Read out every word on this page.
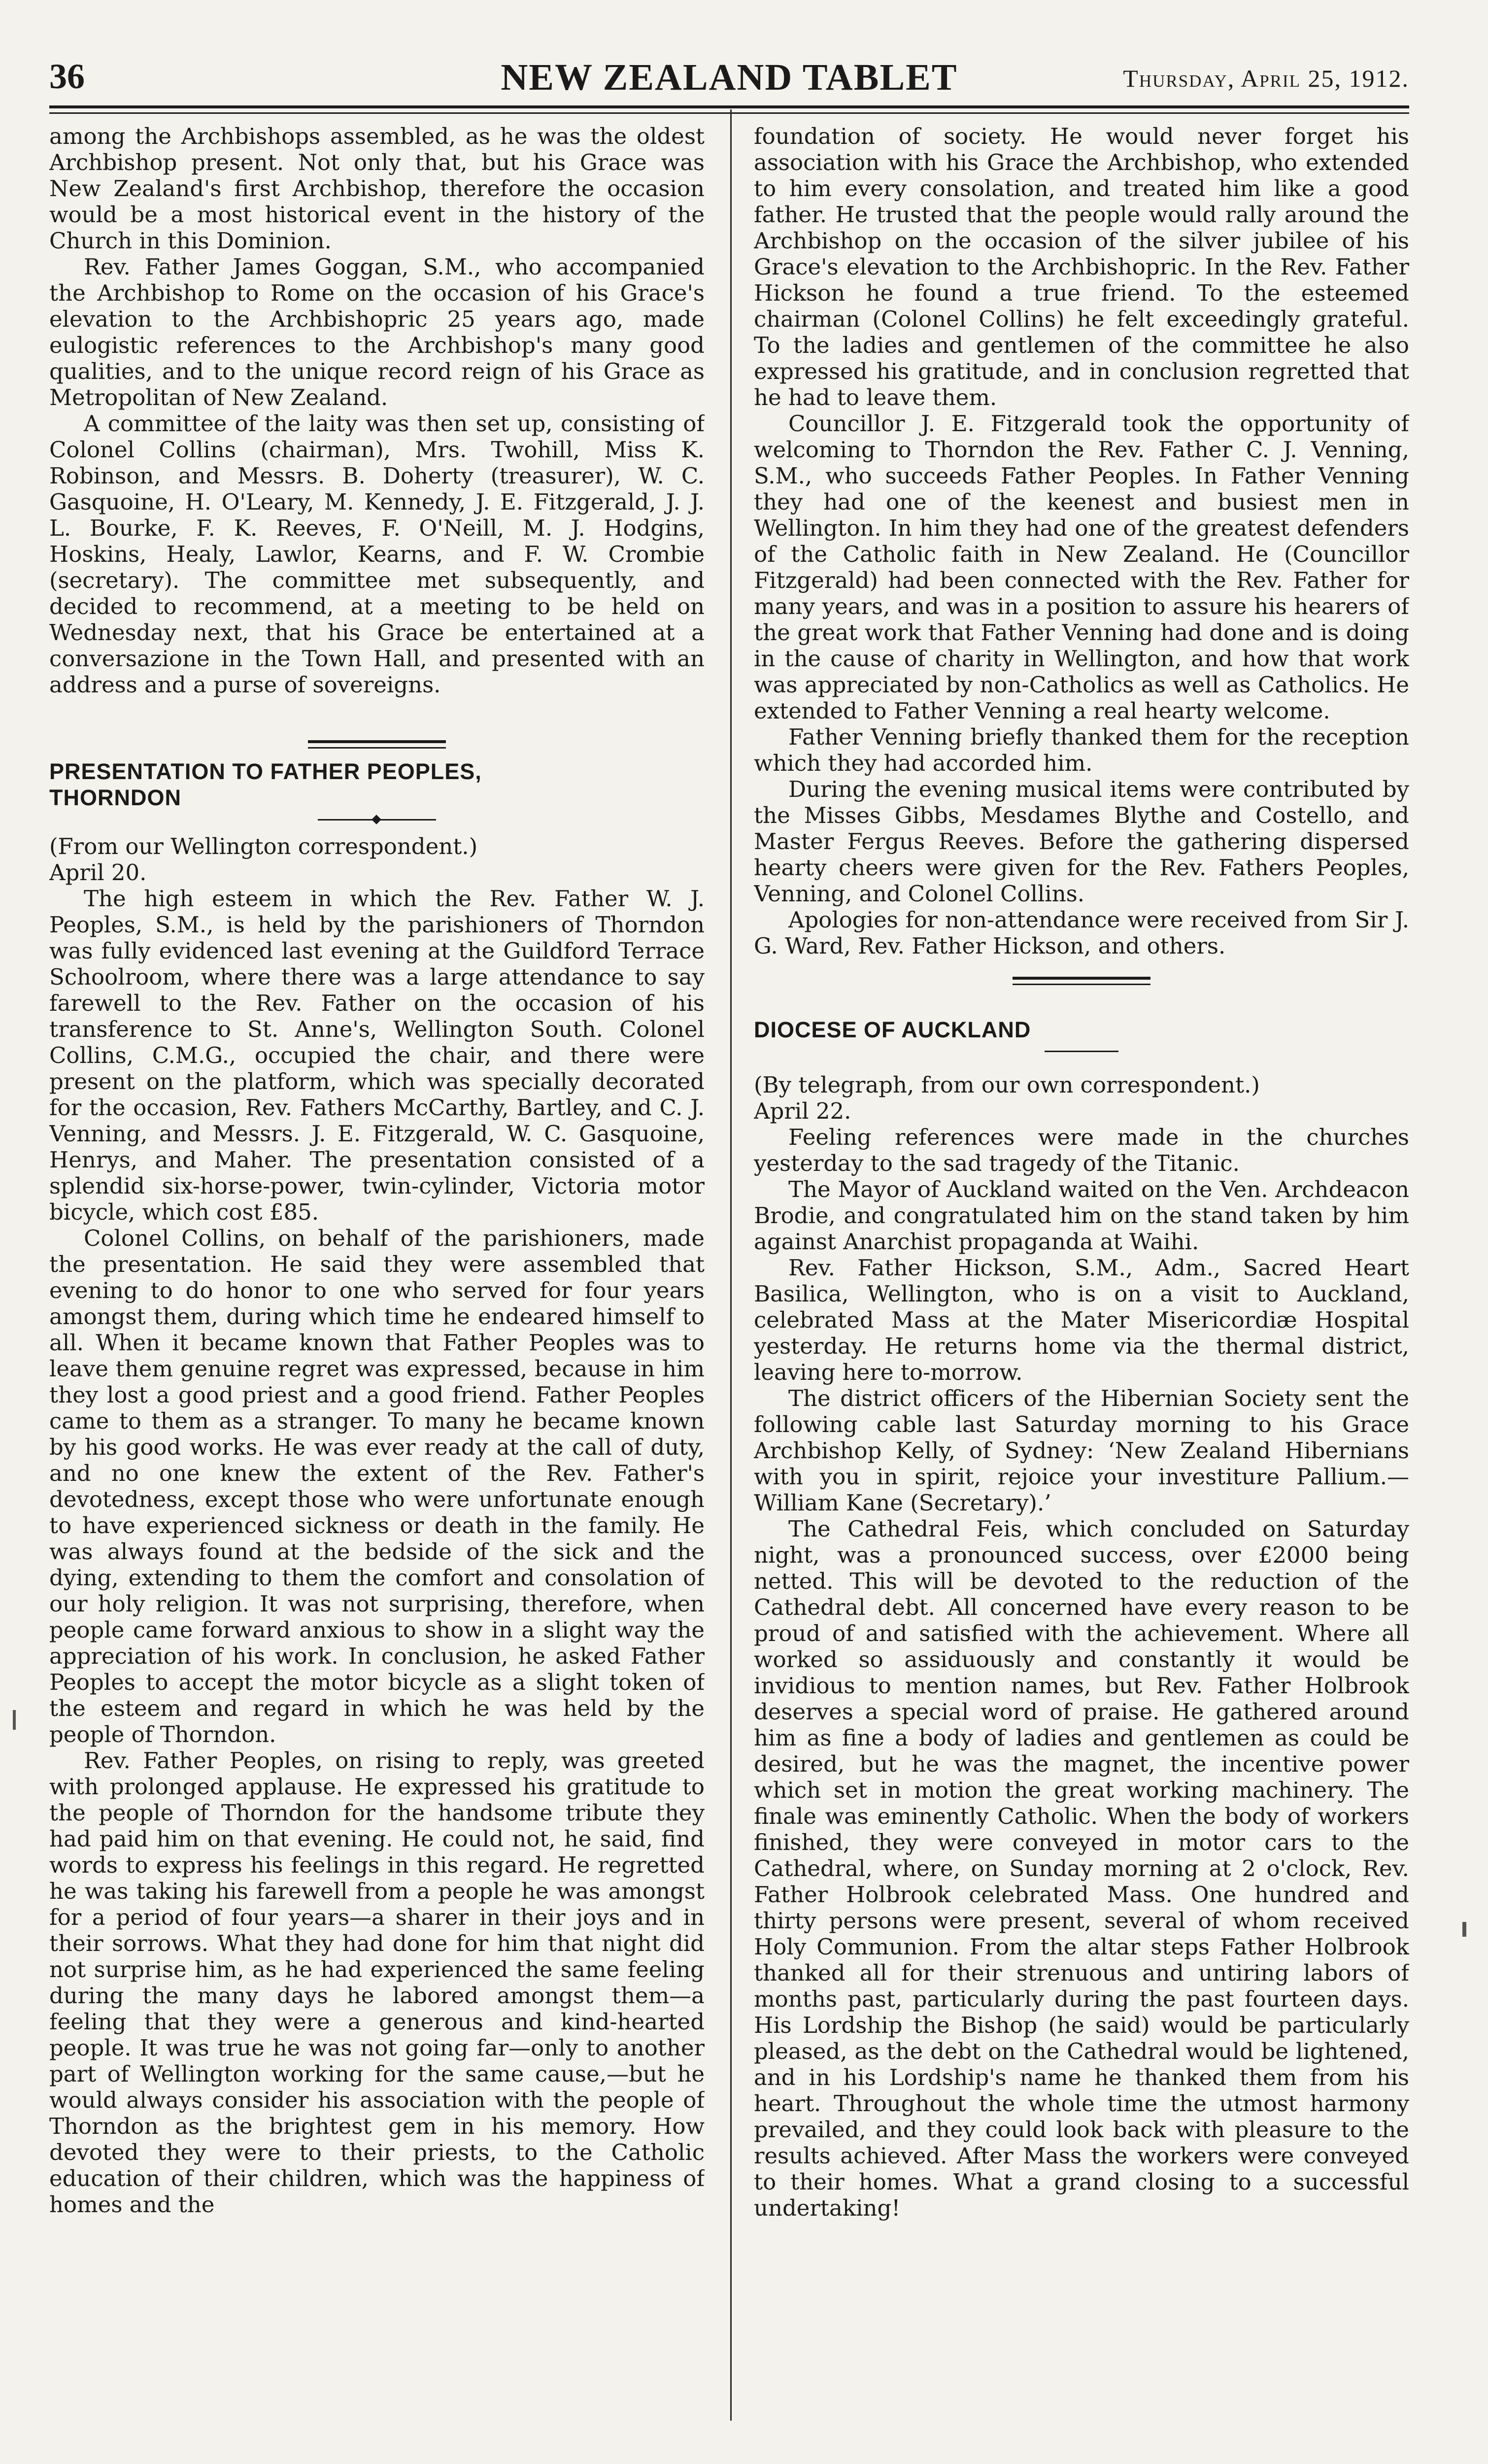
36	NEW ZEALAND TABLET	Thursday, April 25, 1912.

among the Archbishops assembled, as he was the oldest Archbishop present. Not only that, but his Grace was New Zealand's first Archbishop, therefore the occasion would be a most historical event in the history of the Church in this Dominion.

Rev. Father James Goggan, S.M., who accompanied the Archbishop to Rome on the occasion of his Grace's elevation to the Archbishopric 25 years ago, made eulogistic references to the Archbishop's many good qualities, and to the unique record reign of his Grace as Metropolitan of New Zealand.

A committee of the laity was then set up, consisting of Colonel Collins (chairman), Mrs. Twohill, Miss K. Robinson, and Messrs. B. Doherty (treasurer), W. C. Gasquoine, H. O'Leary, M. Kennedy, J. E. Fitzgerald, J. J. L. Bourke, F. K. Reeves, F. O'Neill, M. J. Hodgins, Hoskins, Healy, Lawlor, Kearns, and F. W. Crombie (secretary). The committee met subsequently, and decided to recommend, at a meeting to be held on Wednesday next, that his Grace be entertained at a conversazione in the Town Hall, and presented with an address and a purse of sovereigns.

PRESENTATION TO FATHER PEOPLES,

THORNDON

(From our Wellington correspondent.)

April 20.

The high esteem in which the Rev. Father W. J. Peoples, S.M., is held by the parishioners of Thorndon was fully evidenced last evening at the Guildford Terrace Schoolroom, where there was a large attendance to say farewell to the Rev. Father on the occasion of his transference to St. Anne's, Wellington South. Colonel Collins, C.M.G., occupied the chair, and there were present on the platform, which was specially decorated for the occasion, Rev. Fathers McCarthy, Bartley, and C. J. Venning, and Messrs. J. E. Fitzgerald, W. C. Gasquoine, Henrys, and Maher. The presentation consisted of a splendid six-horse-power, twin-cylinder, Victoria motor bicycle, which cost £85.

Colonel Collins, on behalf of the parishioners, made the presentation. He said they were assembled that evening to do honor to one who served for four years amongst them, during which time he endeared himself to all. When it became known that Father Peoples was to leave them genuine regret was expressed, because in him they lost a good priest and a good friend. Father Peoples came to them as a stranger. To many he became known by his good works. He was ever ready at the call of duty, and no one knew the extent of the Rev. Father's devotedness, except those who were unfortunate enough to have experienced sickness or death in the family. He was always found at the bedside of the sick and the dying, extending to them the comfort and consolation of our holy religion. It was not surprising, therefore, when people came forward anxious to show in a slight way the appreciation of his work. In conclusion, he asked Father Peoples to accept the motor bicycle as a slight token of the esteem and regard in which he was held by the people of Thorndon.

Rev. Father Peoples, on rising to reply, was greeted with prolonged applause. He expressed his gratitude to the people of Thorndon for the handsome tribute they had paid him on that evening. He could not, he said, find words to express his feelings in this regard. He regretted he was taking his farewell from a people he was amongst for a period of four years—a sharer in their joys and in their sorrows. What they had done for him that night did not surprise him, as he had experienced the same feeling during the many days he labored amongst them—a feeling that they were a generous and kind-hearted people. It was true he was not going far—only to another part of Wellington working for the same cause,—but he would always consider his association with the people of Thorndon as the brightest gem in his memory. How devoted they were to their priests, to the Catholic education of their children, which was the happiness of homes and the

foundation of society. He would never forget his association with his Grace the Archbishop, who extended to him every consolation, and treated him like a good father. He trusted that the people would rally around the Archbishop on the occasion of the silver jubilee of his Grace's elevation to the Archbishopric. In the Rev. Father Hickson he found a true friend. To the esteemed chairman (Colonel Collins) he felt exceedingly grateful. To the ladies and gentlemen of the committee he also expressed his gratitude, and in conclusion regretted that he had to leave them.

Councillor J. E. Fitzgerald took the opportunity of welcoming to Thorndon the Rev. Father C. J. Venning, S.M., who succeeds Father Peoples. In Father Venning they had one of the keenest and busiest men in Wellington. In him they had one of the greatest defenders of the Catholic faith in New Zealand. He (Councillor Fitzgerald) had been connected with the Rev. Father for many years, and was in a position to assure his hearers of the great work that Father Venning had done and is doing in the cause of charity in Wellington, and how that work was appreciated by non-Catholics as well as Catholics. He extended to Father Venning a real hearty welcome.

Father Venning briefly thanked them for the reception which they had accorded him.

During the evening musical items were contributed by the Misses Gibbs, Mesdames Blythe and Costello, and Master Fergus Reeves. Before the gathering dispersed hearty cheers were given for the Rev. Fathers Peoples, Venning, and Colonel Collins.

Apologies for non-attendance were received from Sir J. G. Ward, Rev. Father Hickson, and others.

DIOCESE OF AUCKLAND

(By telegraph, from our own correspondent.)

April 22.

Feeling references were made in the churches yesterday to the sad tragedy of the Titanic.

The Mayor of Auckland waited on the Ven. Archdeacon Brodie, and congratulated him on the stand taken by him against Anarchist propaganda at Waihi.

Rev. Father Hickson, S.M., Adm., Sacred Heart Basilica, Wellington, who is on a visit to Auckland, celebrated Mass at the Mater Misericordiæ Hospital yesterday. He returns home via the thermal district, leaving here to-morrow.

The district officers of the Hibernian Society sent the following cable last Saturday morning to his Grace Archbishop Kelly, of Sydney: ‘New Zealand Hibernians with you in spirit, rejoice your investiture Pallium.—William Kane (Secretary).’

The Cathedral Feis, which concluded on Saturday night, was a pronounced success, over £2000 being netted. This will be devoted to the reduction of the Cathedral debt. All concerned have every reason to be proud of and satisfied with the achievement. Where all worked so assiduously and constantly it would be invidious to mention names, but Rev. Father Holbrook deserves a special word of praise. He gathered around him as fine a body of ladies and gentlemen as could be desired, but he was the magnet, the incentive power which set in motion the great working machinery. The finale was eminently Catholic. When the body of workers finished, they were conveyed in motor cars to the Cathedral, where, on Sunday morning at 2 o'clock, Rev. Father Holbrook celebrated Mass. One hundred and thirty persons were present, several of whom received Holy Communion. From the altar steps Father Holbrook thanked all for their strenuous and untiring labors of months past, particularly during the past fourteen days. His Lordship the Bishop (he said) would be particularly pleased, as the debt on the Cathedral would be lightened, and in his Lordship's name he thanked them from his heart. Throughout the whole time the utmost harmony prevailed, and they could look back with pleasure to the results achieved. After Mass the workers were conveyed to their homes. What a grand closing to a successful undertaking!
